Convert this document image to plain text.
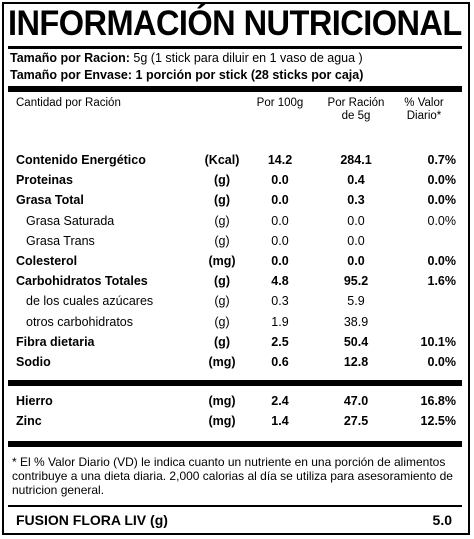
INFORMACIÓN NUTRICIONAL
Tamaño por Racion: 5g (1 stick para diluir en 1 vaso de agua )
Tamaño por Envase: 1 porción por stick (28 sticks por caja)
Cantidad por Ración	Por 100g	Por Ración
de 5g
% Valor
Diario*
Contenido Energético	(Kcal)	14.2	284.1	0.7%
Proteinas	(g)	0.0	0.4	0.0%
Grasa Total	(g)	0.0	0.3	0.0%
Grasa Saturada	(g)	0.0	0.0	0.0%
Grasa Trans	(g)	0.0	0.0
Colesterol	(mg)	0.0	0.0	0.0%
Carbohidratos Totales	(g)	4.8	95.2	1.6%
de los cuales azúcares	(g)	0.3	5.9
otros carbohidratos	(g)	1.9	38.9
Fibra dietaria	(g)	2.5	50.4	10.1%
Sodio	(mg)	0.6	12.8	0.0%
Hierro	(mg)	2.4	47.0	16.8%
Zinc	(mg)	1.4	27.5	12.5%
* El % Valor Diario (VD) le indica cuanto un nutriente en una porción de alimentos contribuye a una dieta diaria. 2,000 calorias al día se utiliza para asesoramiento de nutricion general.
FUSION FLORA LIV (g)	5.0
